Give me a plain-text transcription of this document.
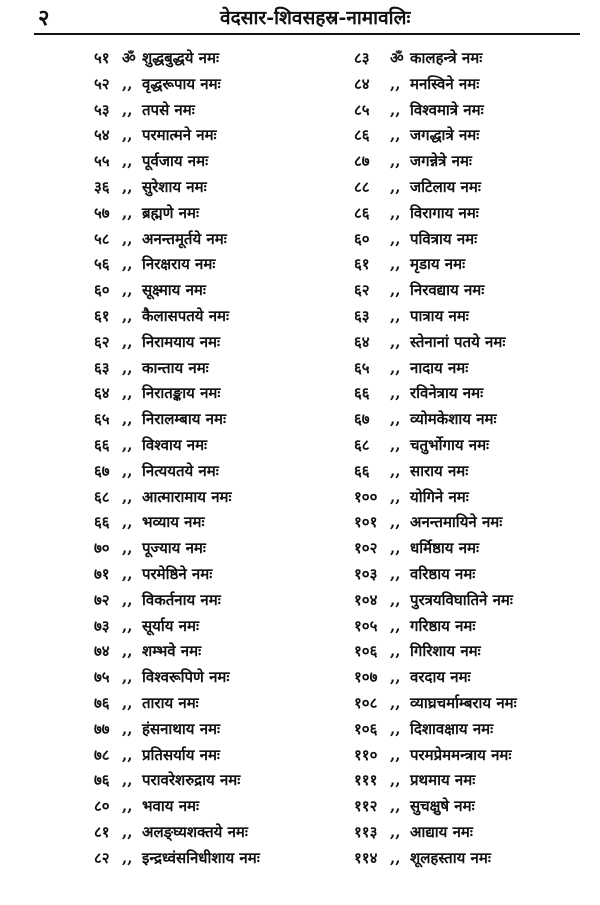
२	वेदसार-शिवसहस्र-नामावलिः
५१ ॐ शुद्धबुद्धये नमः
५२ ,, वृद्धरूपाय नमः
५३ ,, तपसे नमः
५४ ,, परमात्मने नमः
५५ ,, पूर्वजाय नमः
३६ ,, सुरेशाय नमः
५७ ,, ब्रह्मणे नमः
५८ ,, अनन्तमूर्तये नमः
५६ ,, निरक्षराय नमः
६० ,, सूक्ष्माय नमः
६१ ,, कैलासपतये नमः
६२ ,, निरामयाय नमः
६३ ,, कान्ताय नमः
६४ ,, निरातङ्काय नमः
६५ ,, निरालम्बाय नमः
६६ ,, विश्वाय नमः
६७ ,, नित्ययतये नमः
६८ ,, आत्मारामाय नमः
६६ ,, भव्याय नमः
७० ,, पूज्याय नमः
७१ ,, परमेष्ठिने नमः
७२ ,, विकर्तनाय नमः
७३ ,, सूर्याय नमः
७४ ,, शम्भवे नमः
७५ ,, विश्वरूपिणे नमः
७६ ,, ताराय नमः
७७ ,, हंसनाथाय नमः
७८ ,, प्रतिसर्याय नमः
७६ ,, परावरेशरुद्राय नमः
८० ,, भवाय नमः
८१ ,, अलङ्घ्यशक्तये नमः
८२ ,, इन्द्रध्वंसनिधीशाय नमः
८३	ॐ कालहन्त्रे नमः
८४	,, मनस्विने नमः
८५	,, विश्वमात्रे नमः
८६	,, जगद्धात्रे नमः
८७	,, जगन्नेत्रे नमः
८८	,, जटिलाय नमः
८६	,, विरागाय नमः
६०	,, पवित्राय नमः
६१	,, मृडाय नमः
६२	,, निरवद्याय नमः
६३	,, पात्राय नमः
६४	,, स्तेनानां पतये नमः
६५	,, नादाय नमः
६६	,, रविनेत्राय नमः
६७	,, व्योमकेशाय नमः
६८	,, चतुर्भोगाय नमः
६६	,, साराय नमः
१०० ,, योगिने नमः
१०१ ,, अनन्तमायिने नमः
१०२ ,, धर्मिष्ठाय नमः
१०३ ,, वरिष्ठाय नमः
१०४ ,, पुरत्रयविघातिने नमः
१०५ ,, गरिष्ठाय नमः
१०६ ,, गिरिशाय नमः
१०७ ,, वरदाय नमः
१०८ ,, व्याघ्रचर्माम्बराय नमः
१०६ ,, दिशावक्षाय नमः
११० ,, परमप्रेममन्त्राय नमः
१११ ,, प्रथमाय नमः
११२ ,, सुचक्षुषे नमः
११३ ,, आद्याय नमः
११४ ,, शूलहस्ताय नमः
